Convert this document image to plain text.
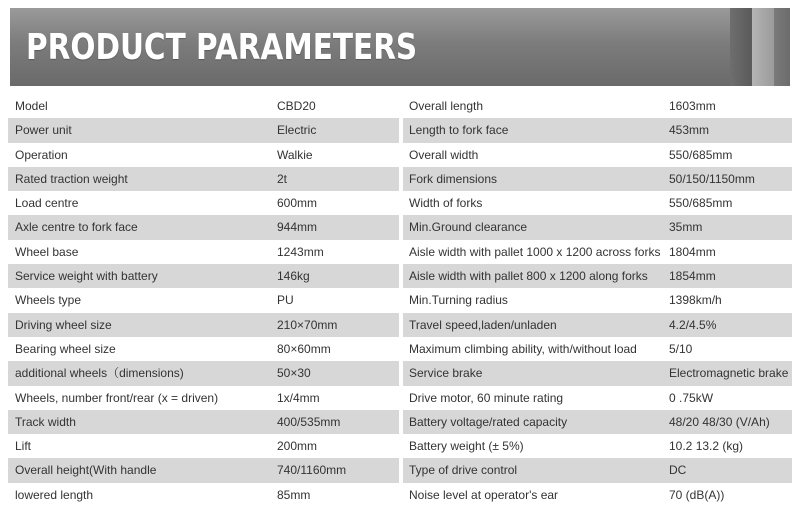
PRODUCT PARAMETERS
Model	CBD20	Overall length	1603mm
Power unit	Electric	Length to fork face	453mm
Operation	Walkie	Overall width	550/685mm
Rated traction weight	2t	Fork dimensions	50/150/1150mm
Load centre	600mm	Width of forks	550/685mm
Axle centre to fork face	944mm	Min.Ground clearance	35mm
Wheel base	1243mm	Aisle width with pallet 1000 x 1200 across forks 1804mm
Service weight with battery	146kg	Aisle width with pallet 800 x 1200 along forks 1854mm
Wheels type	PU	Min.Turning radius	1398km/h
Driving wheel size	210×70mm	Travel speed,laden/unladen	4.2/4.5%
Bearing wheel size	80×60mm	Maximum climbing ability, with/without load	5/10
additional wheels（dimensions)	50×30	Service brake	Electromagnetic brake
Wheels, number front/rear (x = driven)	1x/4mm	Drive motor, 60 minute rating	0 .75kW
Track width	400/535mm	Battery voltage/rated capacity	48/20 48/30 (V/Ah)
Lift	200mm	Battery weight (± 5%)	10.2 13.2 (kg)
Overall height(With handle	740/1160mm	Type of drive control	DC
lowered length	85mm	Noise level at operator's ear	70 (dB(A))
